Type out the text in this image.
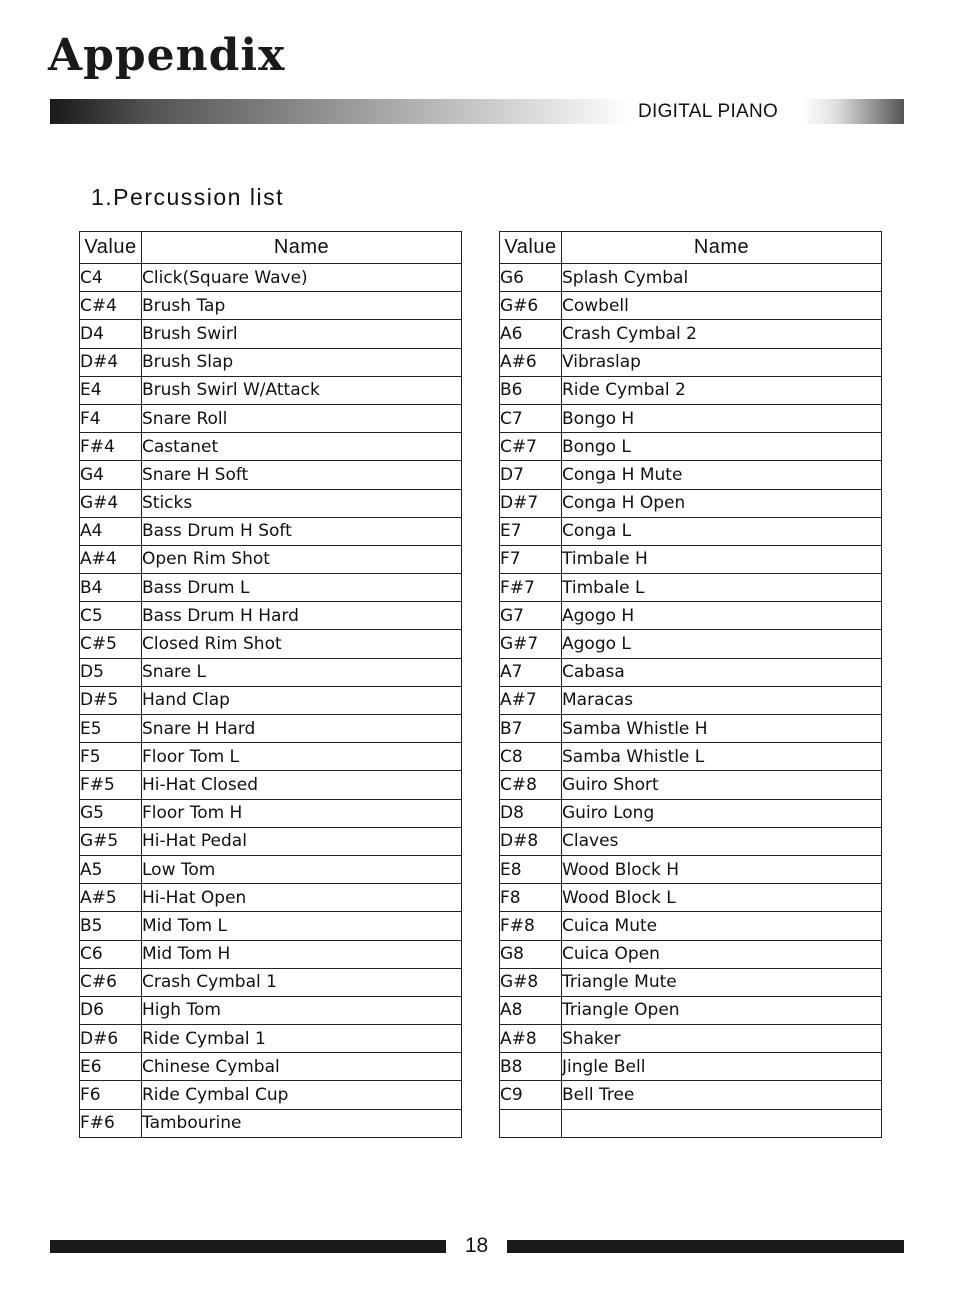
Appendix
DIGITAL PIANO
1.Percussion list
Value	Name
C4	Click(Square Wave)
C#4	Brush Tap
D4	Brush Swirl
D#4	Brush Slap
E4	Brush Swirl W/Attack
F4	Snare Roll
F#4	Castanet
G4	Snare H Soft
G#4	Sticks
A4	Bass Drum H Soft
A#4	Open Rim Shot
B4	Bass Drum L
C5	Bass Drum H Hard
C#5	Closed Rim Shot
D5	Snare L
D#5	Hand Clap
E5	Snare H Hard
F5	Floor Tom L
F#5	Hi-Hat Closed
G5	Floor Tom H
G#5	Hi-Hat Pedal
A5	Low Tom
A#5	Hi-Hat Open
B5	Mid Tom L
C6	Mid Tom H
C#6	Crash Cymbal 1
D6	High Tom
D#6	Ride Cymbal 1
E6	Chinese Cymbal
F6	Ride Cymbal Cup
F#6	Tambourine
Value	Name
G6	Splash Cymbal
G#6	Cowbell
A6	Crash Cymbal 2
A#6	Vibraslap
B6	Ride Cymbal 2
C7	Bongo H
C#7	Bongo L
D7	Conga H Mute
D#7	Conga H Open
E7	Conga L
F7	Timbale H
F#7	Timbale L
G7	Agogo H
G#7	Agogo L
A7	Cabasa
A#7	Maracas
B7	Samba Whistle H
C8	Samba Whistle L
C#8	Guiro Short
D8	Guiro Long
D#8	Claves
E8	Wood Block H
F8	Wood Block L
F#8	Cuica Mute
G8	Cuica Open
G#8	Triangle Mute
A8	Triangle Open
A#8	Shaker
B8	Jingle Bell
C9	Bell Tree

18
